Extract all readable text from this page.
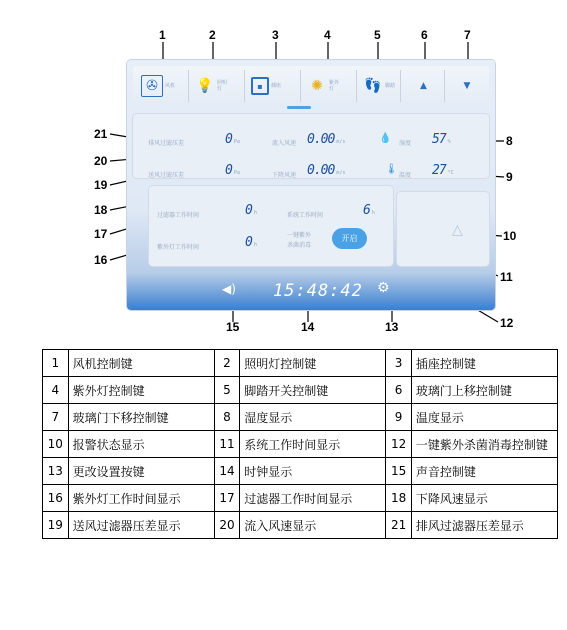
1	2	3	4	5	6	7
8
9
10
11
12
13
14
15
16
17
18
19
20
21
✇	风机 💡 照明灯	▪	插座 ✺	紫外灯	👣 脚踏	▲	▼
排风过滤压差	0 Pa	流入风速 0.00 m/s	💧 湿度 57 %
送风过滤压差	0 Pa	下降风速 0.00 m/s	🌡
温度 27 °C
过滤器工作时间	0 h	系统工作时间	6 h
紫外灯工作时间	0 h
一键紫外
杀菌消毒
开启
△
◀) 15:48:42 ⚙
1	风机控制键	2	照明灯控制键	3	插座控制键
4	紫外灯控制键	5	脚踏开关控制键	6	玻璃门上移控制键
7	玻璃门下移控制键	8	湿度显示	9	温度显示
10	报警状态显示	11	系统工作时间显示	12	一键紫外杀菌消毒控制键
13	更改设置按键	14	时钟显示	15	声音控制键
16	紫外灯工作时间显示	17	过滤器工作时间显示	18	下降风速显示
19	送风过滤器压差显示	20	流入风速显示	21	排风过滤器压差显示
